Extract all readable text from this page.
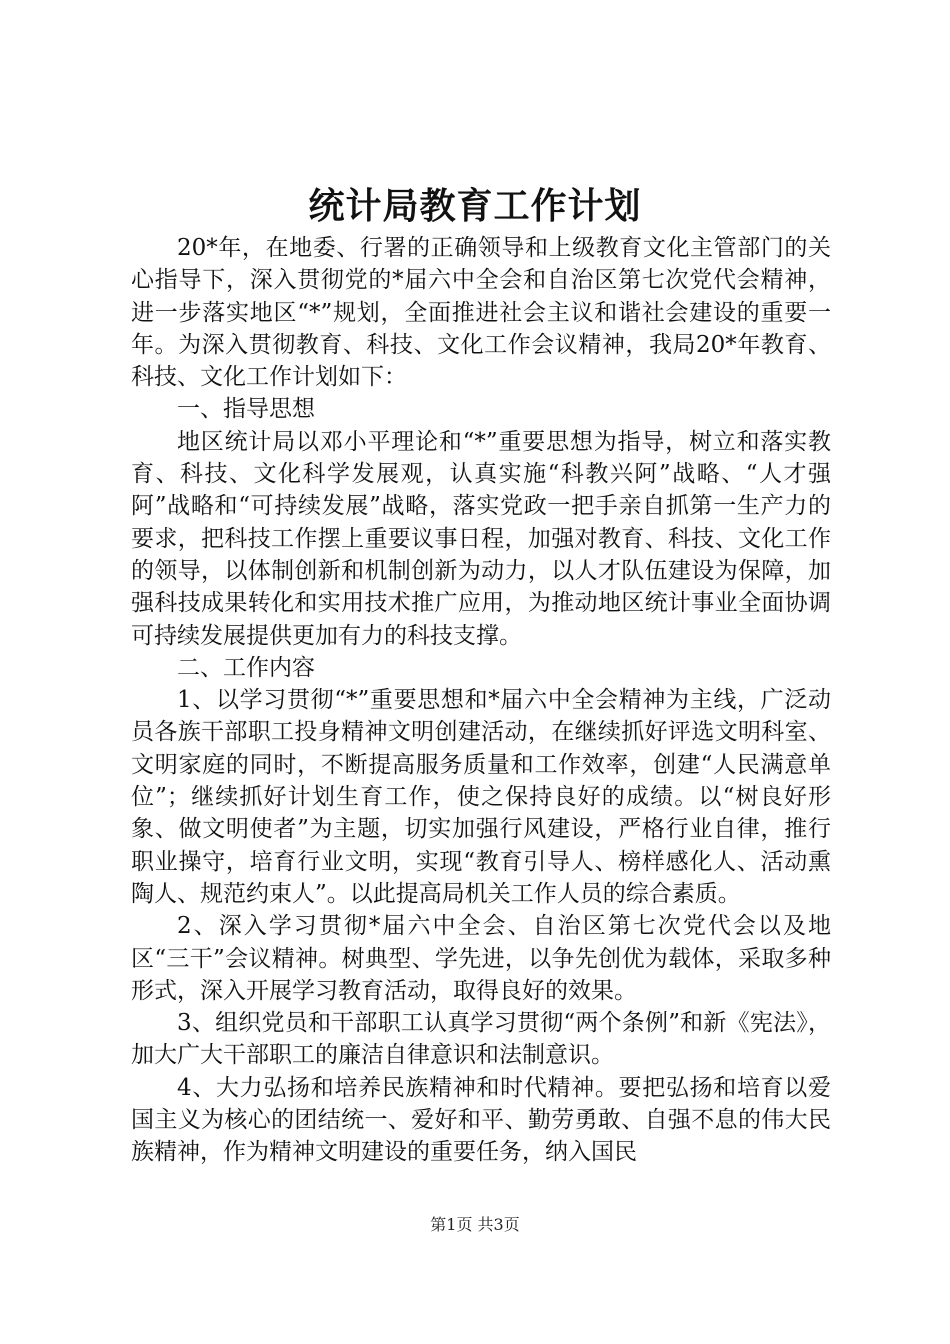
统计局教育工作计划

20*年，在地委、行署的正确领导和上级教育文化主管部门的关心指导下，深入贯彻党的*届六中全会和自治区第七次党代会精神，进一步落实地区“*”规划，全面推进社会主议和谐社会建设的重要一年。为深入贯彻教育、科技、文化工作会议精神，我局20*年教育、科技、文化工作计划如下：

一、指导思想

地区统计局以邓小平理论和“*”重要思想为指导，树立和落实教育、科技、文化科学发展观，认真实施“科教兴阿”战略、“人才强阿”战略和“可持续发展”战略，落实党政一把手亲自抓第一生产力的要求，把科技工作摆上重要议事日程，加强对教育、科技、文化工作的领导，以体制创新和机制创新为动力，以人才队伍建设为保障，加强科技成果转化和实用技术推广应用，为推动地区统计事业全面协调可持续发展提供更加有力的科技支撑。

二、工作内容

1、以学习贯彻“*”重要思想和*届六中全会精神为主线，广泛动员各族干部职工投身精神文明创建活动，在继续抓好评选文明科室、文明家庭的同时，不断提高服务质量和工作效率，创建“人民满意单位”；继续抓好计划生育工作，使之保持良好的成绩。以“树良好形象、做文明使者”为主题，切实加强行风建设，严格行业自律，推行职业操守，培育行业文明，实现“教育引导人、榜样感化人、活动熏陶人、规范约束人”。以此提高局机关工作人员的综合素质。

2、深入学习贯彻*届六中全会、自治区第七次党代会以及地区“三干”会议精神。树典型、学先进，以争先创优为载体，采取多种形式，深入开展学习教育活动，取得良好的效果。

3、组织党员和干部职工认真学习贯彻“两个条例”和新《宪法》，加大广大干部职工的廉洁自律意识和法制意识。

4、大力弘扬和培养民族精神和时代精神。要把弘扬和培育以爱国主义为核心的团结统一、爱好和平、勤劳勇敢、自强不息的伟大民族精神，作为精神文明建设的重要任务，纳入国民

第1页 共3页
